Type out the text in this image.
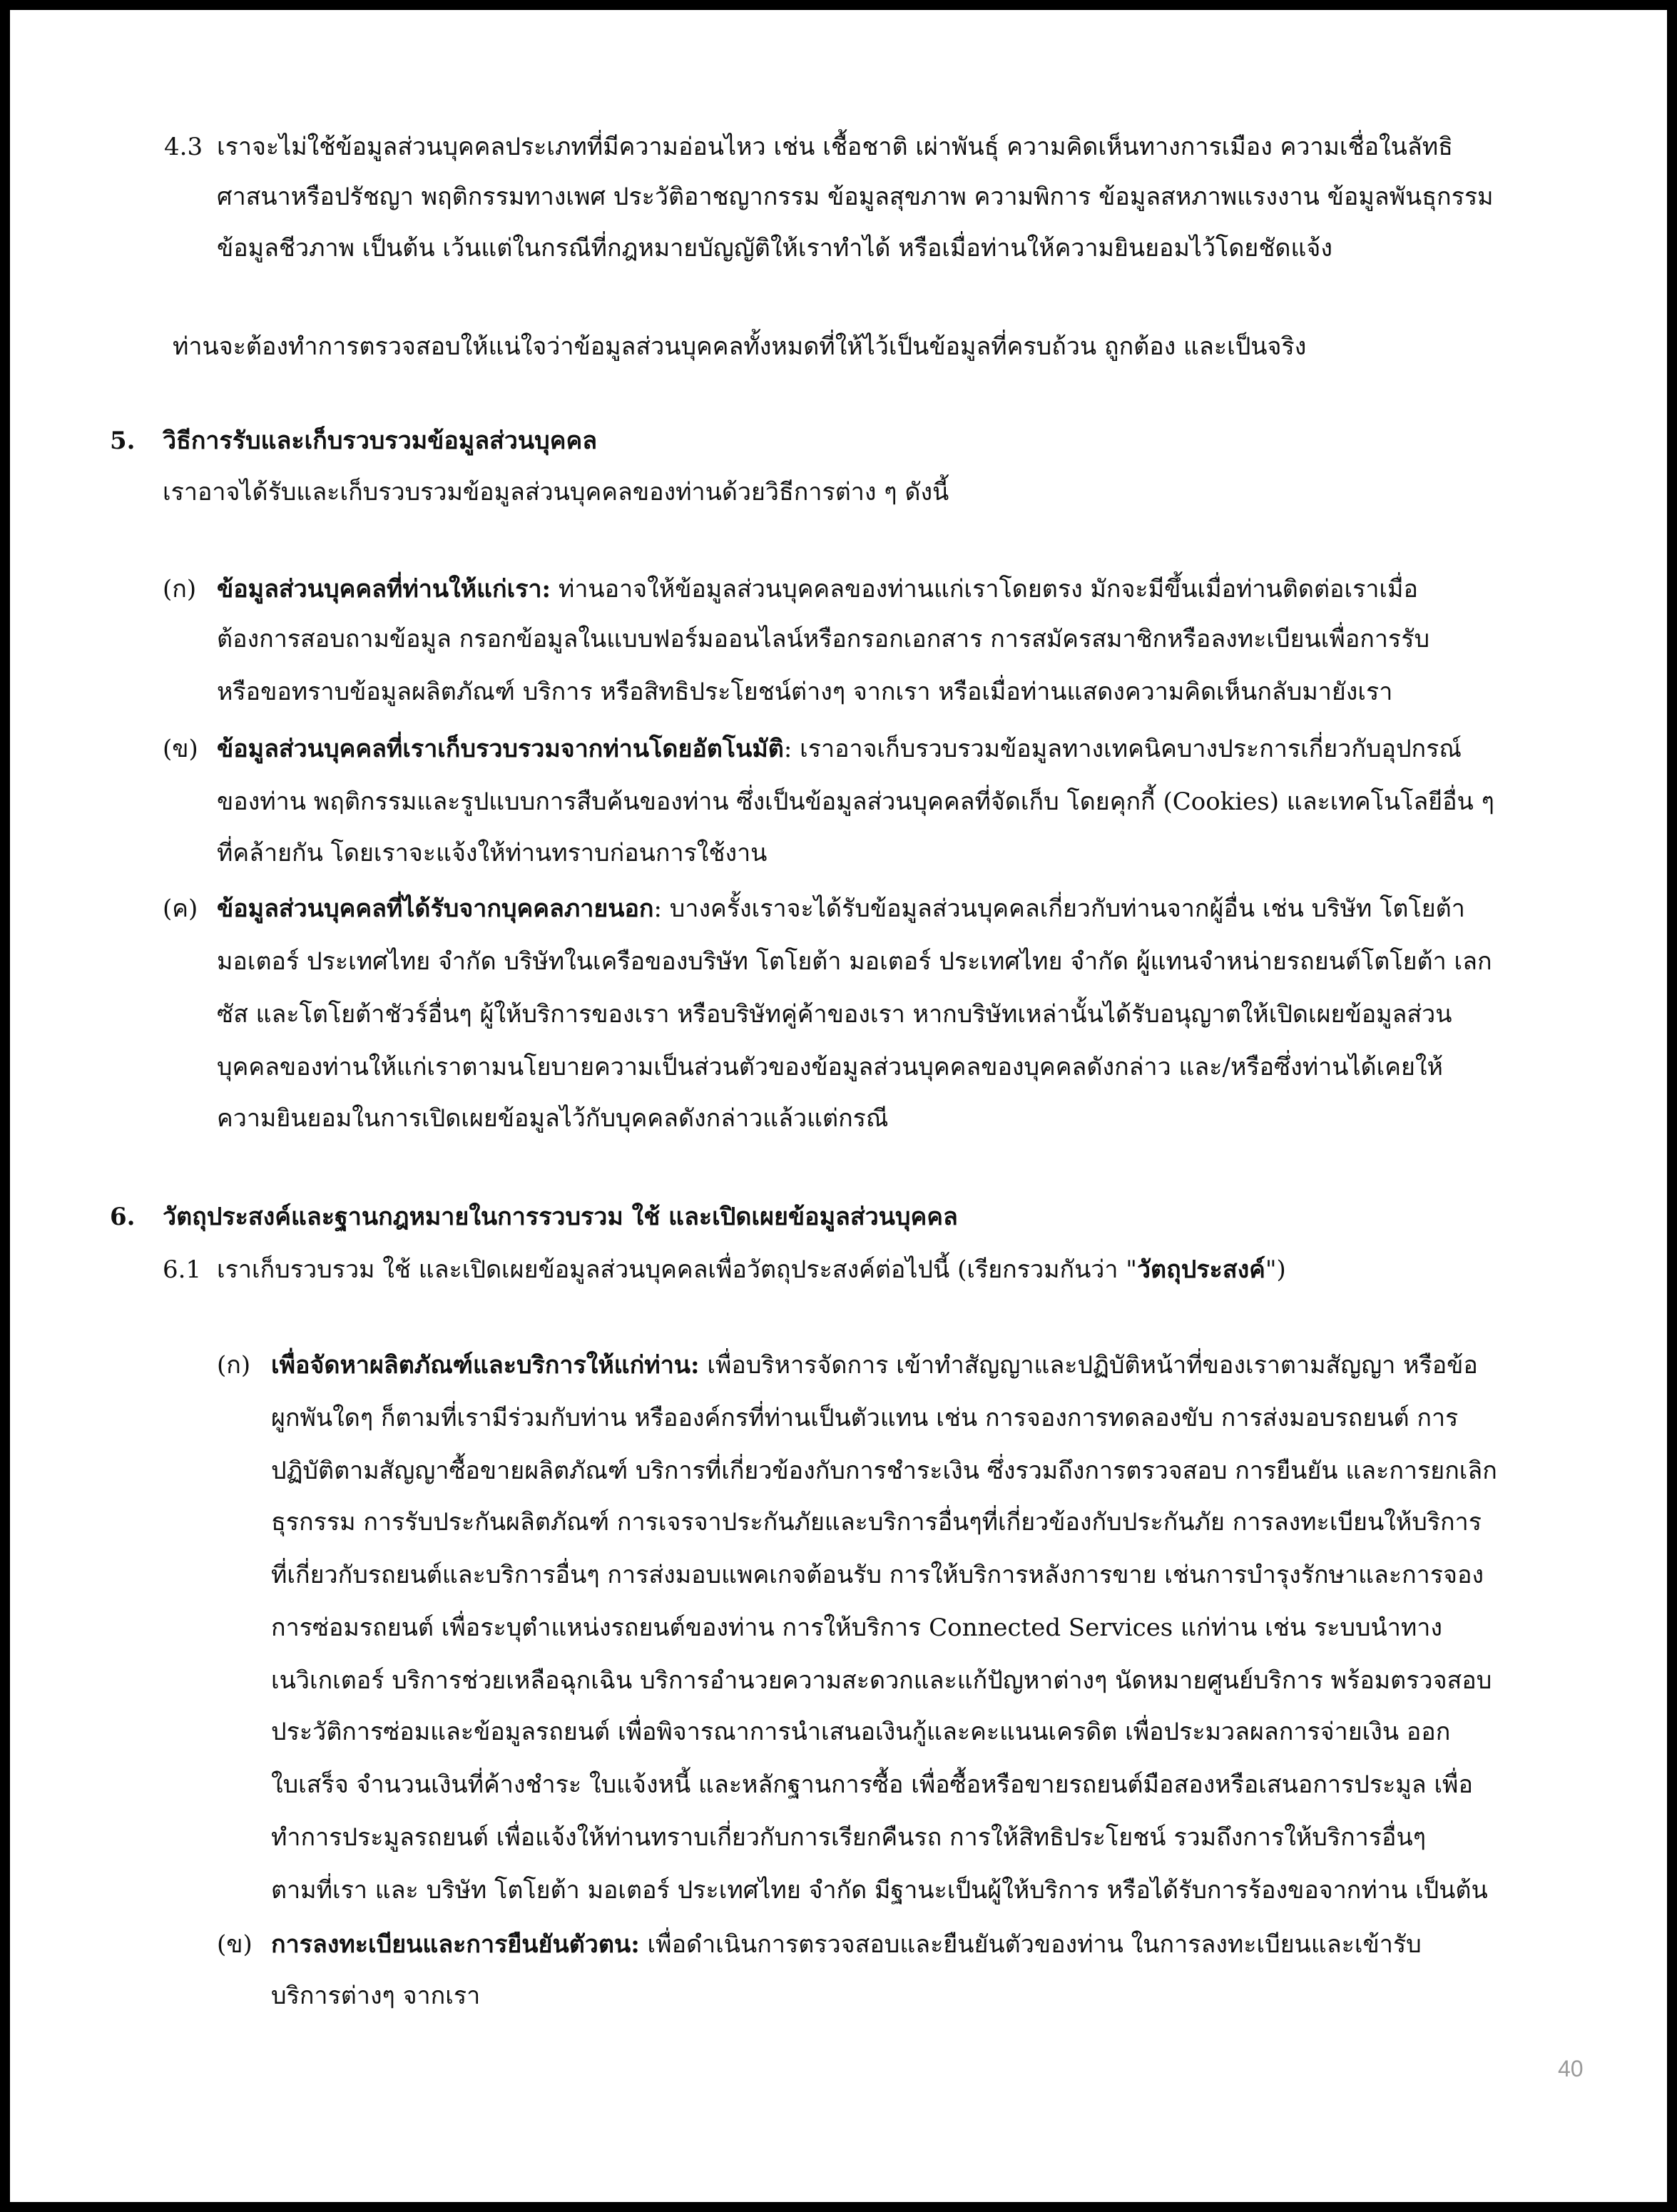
4.3 เราจะไม่ใช้ข้อมูลส่วนบุคคลประเภทที่มีความอ่อนไหว เช่น เชื้อชาติ เผ่าพันธุ์ ความคิดเห็นทางการเมือง ความเชื่อในลัทธิ
ศาสนาหรือปรัชญา พฤติกรรมทางเพศ ประวัติอาชญากรรม ข้อมูลสุขภาพ ความพิการ ข้อมูลสหภาพแรงงาน ข้อมูลพันธุกรรม
ข้อมูลชีวภาพ เป็นต้น เว้นแต่ในกรณีที่กฎหมายบัญญัติให้เราทำได้ หรือเมื่อท่านให้ความยินยอมไว้โดยชัดแจ้ง
ท่านจะต้องทำการตรวจสอบให้แน่ใจว่าข้อมูลส่วนบุคคลทั้งหมดที่ให้ไว้เป็นข้อมูลที่ครบถ้วน ถูกต้อง และเป็นจริง
5. วิธีการรับและเก็บรวบรวมข้อมูลส่วนบุคคล
เราอาจได้รับและเก็บรวบรวมข้อมูลส่วนบุคคลของท่านด้วยวิธีการต่าง ๆ ดังนี้
(ก) ข้อมูลส่วนบุคคลที่ท่านให้แก่เรา: ท่านอาจให้ข้อมูลส่วนบุคคลของท่านแก่เราโดยตรง มักจะมีขึ้นเมื่อท่านติดต่อเราเมื่อ
ต้องการสอบถามข้อมูล กรอกข้อมูลในแบบฟอร์มออนไลน์หรือกรอกเอกสาร การสมัครสมาชิกหรือลงทะเบียนเพื่อการรับ
หรือขอทราบข้อมูลผลิตภัณฑ์ บริการ หรือสิทธิประโยชน์ต่างๆ จากเรา หรือเมื่อท่านแสดงความคิดเห็นกลับมายังเรา
(ข) ข้อมูลส่วนบุคคลที่เราเก็บรวบรวมจากท่านโดยอัตโนมัติ: เราอาจเก็บรวบรวมข้อมูลทางเทคนิคบางประการเกี่ยวกับอุปกรณ์
ของท่าน พฤติกรรมและรูปแบบการสืบค้นของท่าน ซึ่งเป็นข้อมูลส่วนบุคคลที่จัดเก็บ โดยคุกกี้ (Cookies) และเทคโนโลยีอื่น ๆ
ที่คล้ายกัน โดยเราจะแจ้งให้ท่านทราบก่อนการใช้งาน
(ค) ข้อมูลส่วนบุคคลที่ได้รับจากบุคคลภายนอก: บางครั้งเราจะได้รับข้อมูลส่วนบุคคลเกี่ยวกับท่านจากผู้อื่น เช่น บริษัท โตโยต้า
มอเตอร์ ประเทศไทย จำกัด บริษัทในเครือของบริษัท โตโยต้า มอเตอร์ ประเทศไทย จำกัด ผู้แทนจำหน่ายรถยนต์โตโยต้า เลก
ซัส และโตโยต้าชัวร์อื่นๆ ผู้ให้บริการของเรา หรือบริษัทคู่ค้าของเรา หากบริษัทเหล่านั้นได้รับอนุญาตให้เปิดเผยข้อมูลส่วน
บุคคลของท่านให้แก่เราตามนโยบายความเป็นส่วนตัวของข้อมูลส่วนบุคคลของบุคคลดังกล่าว และ/หรือซึ่งท่านได้เคยให้
ความยินยอมในการเปิดเผยข้อมูลไว้กับบุคคลดังกล่าวแล้วแต่กรณี
6. วัตถุประสงค์และฐานกฎหมายในการรวบรวม ใช้ และเปิดเผยข้อมูลส่วนบุคคล
6.1 เราเก็บรวบรวม ใช้ และเปิดเผยข้อมูลส่วนบุคคลเพื่อวัตถุประสงค์ต่อไปนี้ (เรียกรวมกันว่า "วัตถุประสงค์")
(ก) เพื่อจัดหาผลิตภัณฑ์และบริการให้แก่ท่าน: เพื่อบริหารจัดการ เข้าทำสัญญาและปฏิบัติหน้าที่ของเราตามสัญญา หรือข้อ
ผูกพันใดๆ ก็ตามที่เรามีร่วมกับท่าน หรือองค์กรที่ท่านเป็นตัวแทน เช่น การจองการทดลองขับ การส่งมอบรถยนต์ การ
ปฏิบัติตามสัญญาซื้อขายผลิตภัณฑ์ บริการที่เกี่ยวข้องกับการชำระเงิน ซึ่งรวมถึงการตรวจสอบ การยืนยัน และการยกเลิก
ธุรกรรม การรับประกันผลิตภัณฑ์ การเจรจาประกันภัยและบริการอื่นๆที่เกี่ยวข้องกับประกันภัย การลงทะเบียนให้บริการ
ที่เกี่ยวกับรถยนต์และบริการอื่นๆ การส่งมอบแพคเกจต้อนรับ การให้บริการหลังการขาย เช่นการบำรุงรักษาและการจอง
การซ่อมรถยนต์ เพื่อระบุตำแหน่งรถยนต์ของท่าน การให้บริการ Connected Services แก่ท่าน เช่น ระบบนำทาง
เนวิเกเตอร์ บริการช่วยเหลือฉุกเฉิน บริการอำนวยความสะดวกและแก้ปัญหาต่างๆ นัดหมายศูนย์บริการ พร้อมตรวจสอบ
ประวัติการซ่อมและข้อมูลรถยนต์ เพื่อพิจารณาการนำเสนอเงินกู้และคะแนนเครดิต เพื่อประมวลผลการจ่ายเงิน ออก
ใบเสร็จ จำนวนเงินที่ค้างชำระ ใบแจ้งหนี้ และหลักฐานการซื้อ เพื่อซื้อหรือขายรถยนต์มือสองหรือเสนอการประมูล เพื่อ
ทำการประมูลรถยนต์ เพื่อแจ้งให้ท่านทราบเกี่ยวกับการเรียกคืนรถ การให้สิทธิประโยชน์ รวมถึงการให้บริการอื่นๆ
ตามที่เรา และ บริษัท โตโยต้า มอเตอร์ ประเทศไทย จำกัด มีฐานะเป็นผู้ให้บริการ หรือได้รับการร้องขอจากท่าน เป็นต้น
(ข) การลงทะเบียนและการยืนยันตัวตน: เพื่อดำเนินการตรวจสอบและยืนยันตัวของท่าน ในการลงทะเบียนและเข้ารับ
บริการต่างๆ จากเรา
40
